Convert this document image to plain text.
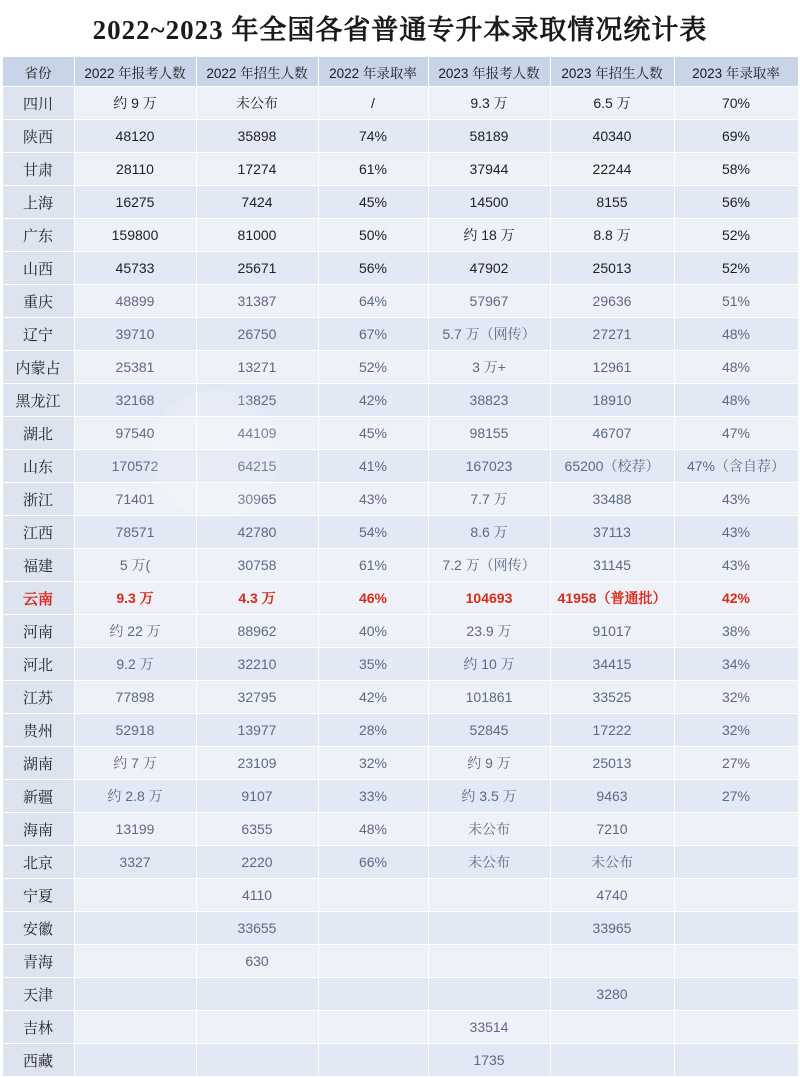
2022~2023 年全国各省普通专升本录取情况统计表
省份	2022 年报考人数	2022 年招生人数	2022 年录取率	2023 年报考人数	2023 年招生人数	2023 年录取率
四川	约 9 万	未公布	/	9.3 万	6.5 万	70%
陕西	48120	35898	74%	58189	40340	69%
甘肃	28110	17274	61%	37944	22244	58%
上海	16275	7424	45%	14500	8155	56%
广东	159800	81000	50%	约 18 万	8.8 万	52%
山西	45733	25671	56%	47902	25013	52%
重庆	48899	31387	64%	57967	29636	51%
辽宁	39710	26750	67%	5.7 万（网传）	27271	48%
内蒙占	25381	13271	52%	3 万+	12961	48%
黑龙江	32168	13825	42%	38823	18910	48%
湖北	97540	44109	45%	98155	46707	47%
山东	170572	64215	41%	167023	65200（校荐）	47%（含自荐）
浙江	71401	30965	43%	7.7 万	33488	43%
江西	78571	42780	54%	8.6 万	37113	43%
福建	5 万(	30758	61%	7.2 万（网传）	31145	43%
云南	9.3 万	4.3 万	46%	104693	41958（普通批）	42%
河南	约 22 万	88962	40%	23.9 万	91017	38%
河北	9.2 万	32210	35%	约 10 万	34415	34%
江苏	77898	32795	42%	101861	33525	32%
贵州	52918	13977	28%	52845	17222	32%
湖南	约 7 万	23109	32%	约 9 万	25013	27%
新疆	约 2.8 万	9107	33%	约 3.5 万	9463	27%
海南	13199	6355	48%	未公布	7210	
北京	3327	2220	66%	未公布	未公布	
宁夏		4110			4740	
安徽		33655			33965	
青海		630				
天津					3280	
吉林				33514		
西藏				1735		
